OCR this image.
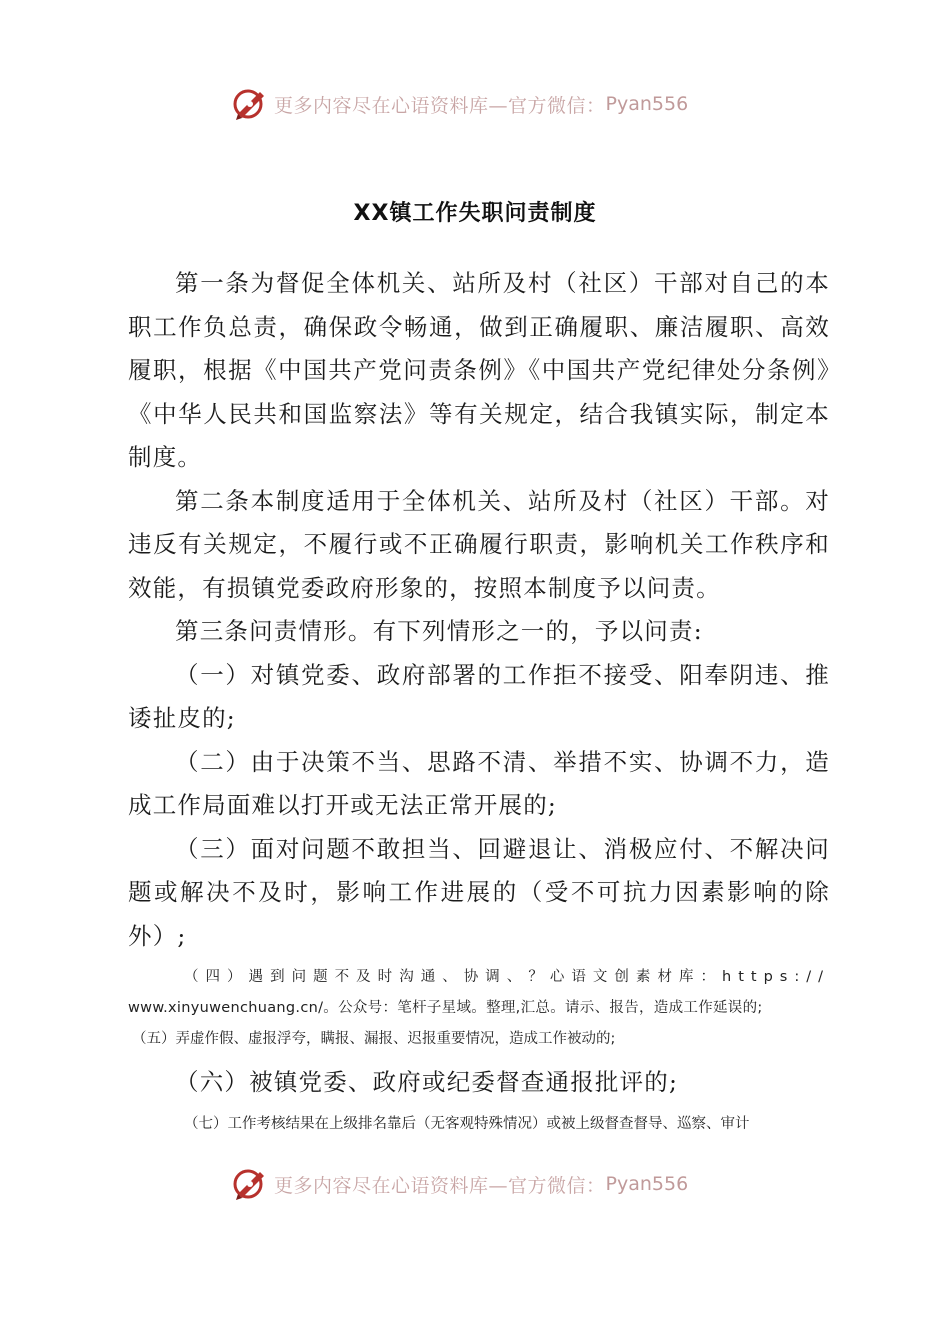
更多内容尽在心语资料库—官方微信： Pyan556
XX镇工作失职问责制度

第一条为督促全体机关、站所及村（社区）干部对自己的本职工作负总责，确保政令畅通，做到正确履职、廉洁履职、高效履职，根据《中国共产党问责条例》《中国共产党纪律处分条例》《中华人民共和国监察法》等有关规定，结合我镇实际，制定本制度。

第二条本制度适用于全体机关、站所及村（社区）干部。对违反有关规定，不履行或不正确履行职责，影响机关工作秩序和效能，有损镇党委政府形象的，按照本制度予以问责。

第三条问责情形。有下列情形之一的，予以问责:

（一）对镇党委、政府部署的工作拒不接受、阳奉阴违、推诿扯皮的;

（二）由于决策不当、思路不清、举措不实、协调不力，造成工作局面难以打开或无法正常开展的;

（三）面对问题不敢担当、回避退让、消极应付、不解决问题或解决不及时，影响工作进展的（受不可抗力因素影响的除外）;

（四）遇到问题不及时沟通、协调、？心语文创素材库：https://

www.xinyuwenchuang.cn/。公众号：笔杆子星域。整理,汇总。请示、报告，造成工作延误的;

（五）弄虚作假、虚报浮夸，瞒报、漏报、迟报重要情况，造成工作被动的;

（六）被镇党委、政府或纪委督查通报批评的;

（七）工作考核结果在上级排名靠后（无客观特殊情况）或被上级督查督导、巡察、审计

更多内容尽在心语资料库—官方微信： Pyan556
